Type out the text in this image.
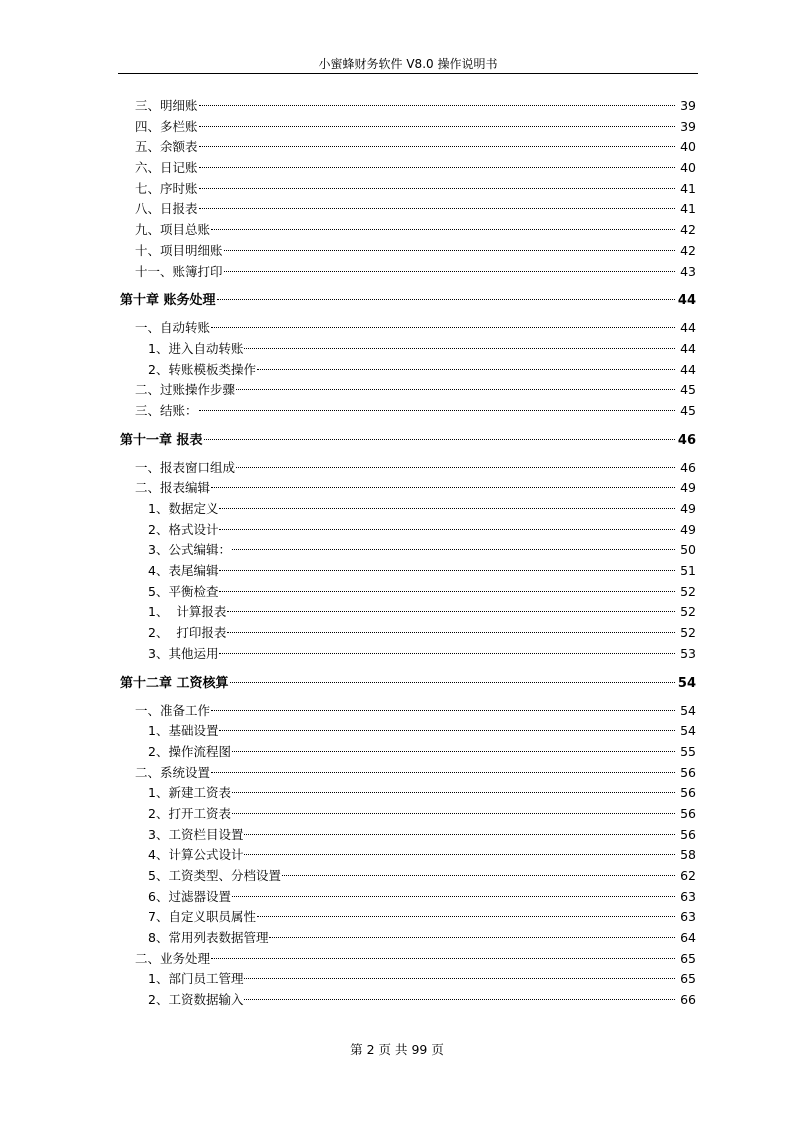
小蜜蜂财务软件 V8.0 操作说明书
三、明细账	39
四、多栏账	39
五、余额表	40
六、日记账	40
七、序时账	41
八、日报表	41
九、项目总账	42
十、项目明细账	42
十一、账簿打印	43
第十章 账务处理	44
一、自动转账	44
1、进入自动转账	44
2、转账模板类操作	44
二、过账操作步骤	45
三、结账：	45
第十一章 报表	46
一、报表窗口组成	46
二、报表编辑	49
1、数据定义	49
2、格式设计	49
3、公式编辑：	50
4、表尾编辑	51
5、平衡检查	52
1、  计算报表	52
2、  打印报表	52
3、其他运用	53
第十二章 工资核算	54
一、准备工作	54
1、基础设置	54
2、操作流程图	55
二、系统设置	56
1、新建工资表	56
2、打开工资表	56
3、工资栏目设置	56
4、计算公式设计	58
5、工资类型、分档设置	62
6、过滤器设置	63
7、自定义职员属性	63
8、常用列表数据管理	64
二、业务处理	65
1、部门员工管理	65
2、工资数据输入	66
第 2 页 共 99 页
